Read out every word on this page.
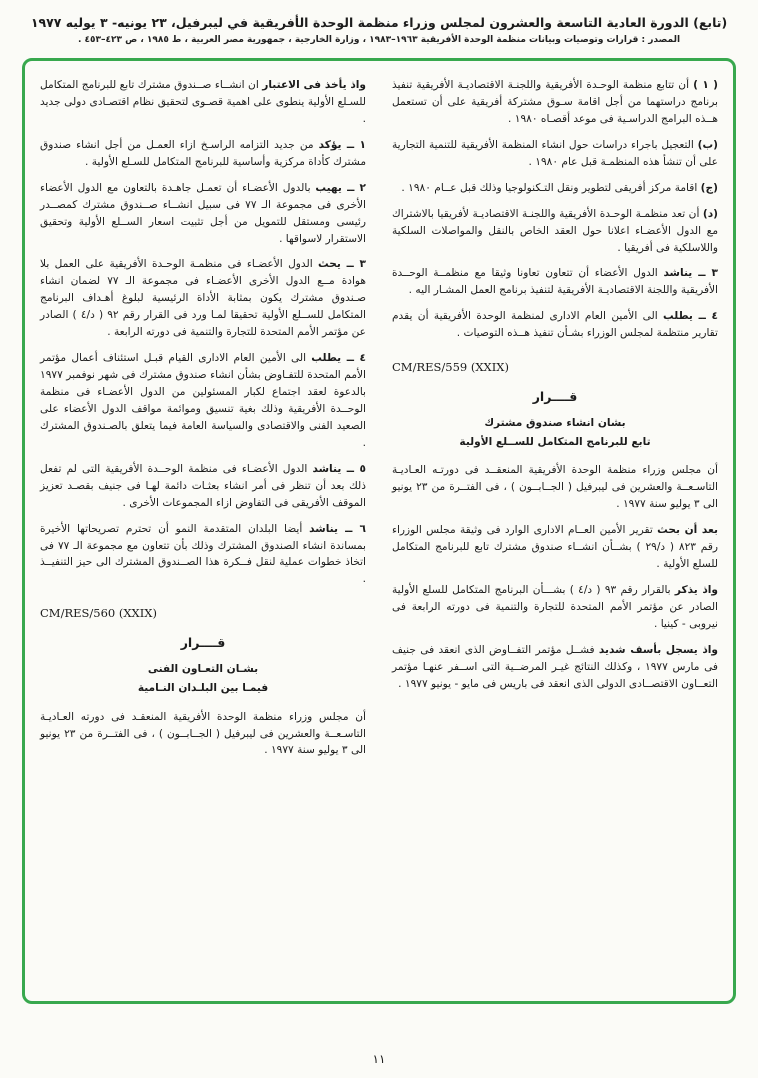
(تابع) الدورة العادية التاسعة والعشرون لمجلس وزراء منظمة الوحدة الأفريقية في ليبرفيل، ٢٣ يونيه- ٣ يوليه ١٩٧٧
المصدر : قرارات وتوصيات وبيانات منظمة الوحدة الأفريقية ١٩٦٣–١٩٨٣ ، وزارة الخارجية ، جمهورية مصر العربية ، ط ١٩٨٥ ، ص ٤٢٣–٤٥٣ .

( ١ ) أن تتابع منظمة الوحـدة الأفريقية واللجنـة الاقتصاديـة الأفريقية تنفيذ برنامج دراستهما من أجل اقامة سـوق مشتركة أفريقية على أن تستعمل هــذه البرامج الدراسـية فى موعد أقصـاه ١٩٨٠ .

(ب) التعجيل باجراء دراسات حول انشاء المنظمة الأفريقية للتنمية التجارية على أن تنشأ هذه المنظمـة قبل عام ١٩٨٠ .

(ج) اقامة مركز أفريقى لتطوير ونقل التـكنولوجيا وذلك قبل عــام ١٩٨٠ .

(د) أن تعد منظمـة الوحـدة الأفريقية واللجنـة الاقتصاديـة لأفريقيا بالاشتراك مع الدول الأعضـاء اعلانا حول العقد الخاص بالنقل والمواصلات السلكية واللاسلكية فى أفريقيا .

٣ ــ يناشد الدول الأعضاء أن تتعاون تعاونا وثيقا مع منظمــة الوحــدة الأفريقية واللجنة الاقتصاديـة الأفريقية لتنفيذ برنامج العمل المشـار اليه .

٤ ــ يطلب الى الأمين العام الادارى لمنظمة الوحدة الأفريقية أن يقدم تقارير منتظمة لمجلس الوزراء بشـأن تنفيذ هــذه التوصيات .

CM/RES/559 (XXIX)
قــــرار
بشان انشاء صندوق مشترك
تابع للبرنامج المتكامل للســلع الأولية

أن مجلس وزراء منظمة الوحدة الأفريقية المنعقــد فى دورتـه العـاديـة التاسـعــة والعشرين فى ليبرفيل ( الجــابــون ) ، فى الفتــرة من ٢٣ يونيو الى ٣ يوليو سنة ١٩٧٧ .

بعد أن بحث تقرير الأمين العــام الادارى الوارد فى وثيقة مجلس الوزراء رقم ٨٢٣ ( د/٢٩ ) بشــأن انشــاء صندوق مشترك تابع للبرنامج المتكامل للسلع الأولية .

واذ يذكر بالقرار رقم ٩٣ ( د/٤ ) بشـــأن البرنامج المتكامل للسلع الأولية الصادر عن مؤتمر الأمم المتحدة للتجارة والتنمية فى دورته الرابعة فى نيروبى - كينيا .

واذ يسجل بأسف شديد فشــل مؤتمر التفــاوض الذى انعقد فى جنيف فى مارس ١٩٧٧ ، وكذلك النتائج غيـر المرضــية التى اســفر عنهـا مؤتمر التعــاون الاقتصــادى الدولى الذى انعقد فى باريس فى مايو - يونيو ١٩٧٧ .

واذ يأخذ فى الاعتبار ان انشــاء صــندوق مشترك تابع للبرنامج المتكامل للسـلع الأولية ينطوى على اهمية قصـوى لتحقيق نظام اقتصـادى دولى جديد .

١ ــ يؤكد من جديد التزامه الراسـخ ازاء العمـل من أجل انشاء صندوق مشترك كأداة مركزية وأساسية للبرنامج المتكامل للسـلع الأولية .

٢ ــ يهيب بالدول الأعضـاء أن تعمـل جاهـدة بالتعاون مع الدول الأعضاء الأخرى فى مجموعة الـ ٧٧ فى سبيل انشــاء صــندوق مشترك كمصــدر رئيسى ومستقل للتمويل من أجل تثبيت اسعار الســلع الأولية وتحقيق الاستقرار لاسواقها .

٣ ــ يحث الدول الأعضـاء فى منظمـة الوحـدة الأفريقية على العمل بلا هوادة مــع الدول الأخرى الأعضـاء فى مجموعة الـ ٧٧ لضمان انشاء صـندوق مشترك يكون بمثابة الأداة الرئيسية لبلوغ أهـداف البرنامج المتكامل للســلع الأولية تحقيقا لمـا ورد فى القرار رقم ٩٢ ( د/٤ ) الصادر عن مؤتمر الأمم المتحدة للتجارة والتنمية فى دورته الرابعة .

٤ ــ يطلب الى الأمين العام الادارى القيام قبـل استئناف أعمال مؤتمر الأمم المتحدة للتفـاوض بشأن انشاء صندوق مشترك فى شهر نوفمبر ١٩٧٧ بالدعوة لعقد اجتماع لكبار المسئولين من الدول الأعضـاء فى منظمة الوحــدة الأفريقية وذلك بغية تنسيق وموائمة مواقف الدول الأعضاء على الصعيد الفنى والاقتصادى والسياسة العامة فيما يتعلق بالصـندوق المشترك .

٥ ــ يناشد الدول الأعضـاء فى منظمة الوحــدة الأفريقية التى لم تفعل ذلك بعد أن تنظر فى أمر انشاء بعثـات دائمة لهـا فى جنيف بقصـد تعزيز الموقف الأفريقى فى التفاوض ازاء المجموعات الأخرى .

٦ ــ يناشد أيضا البلدان المتقدمة النمو أن تحترم تصريحاتها الأخيرة بمساندة انشاء الصندوق المشترك وذلك بأن تتعاون مع مجموعة الـ ٧٧ فى اتخاذ خطوات عملية لنقل فــكرة هذا الصــندوق المشترك الى حيز التنفيــذ .

CM/RES/560 (XXIX)
قــــرار
بشـان التعـاون الفنى
فيمـا بين البلـدان النـامية

أن مجلس وزراء منظمة الوحدة الأفريقية المنعقـد فى دورته العـاديـة التاسـعــة والعشرين فى ليبرفيل ( الجــابــون ) ، فى الفتــرة من ٢٣ يونيو الى ٣ يوليو سنة ١٩٧٧ .

١١
